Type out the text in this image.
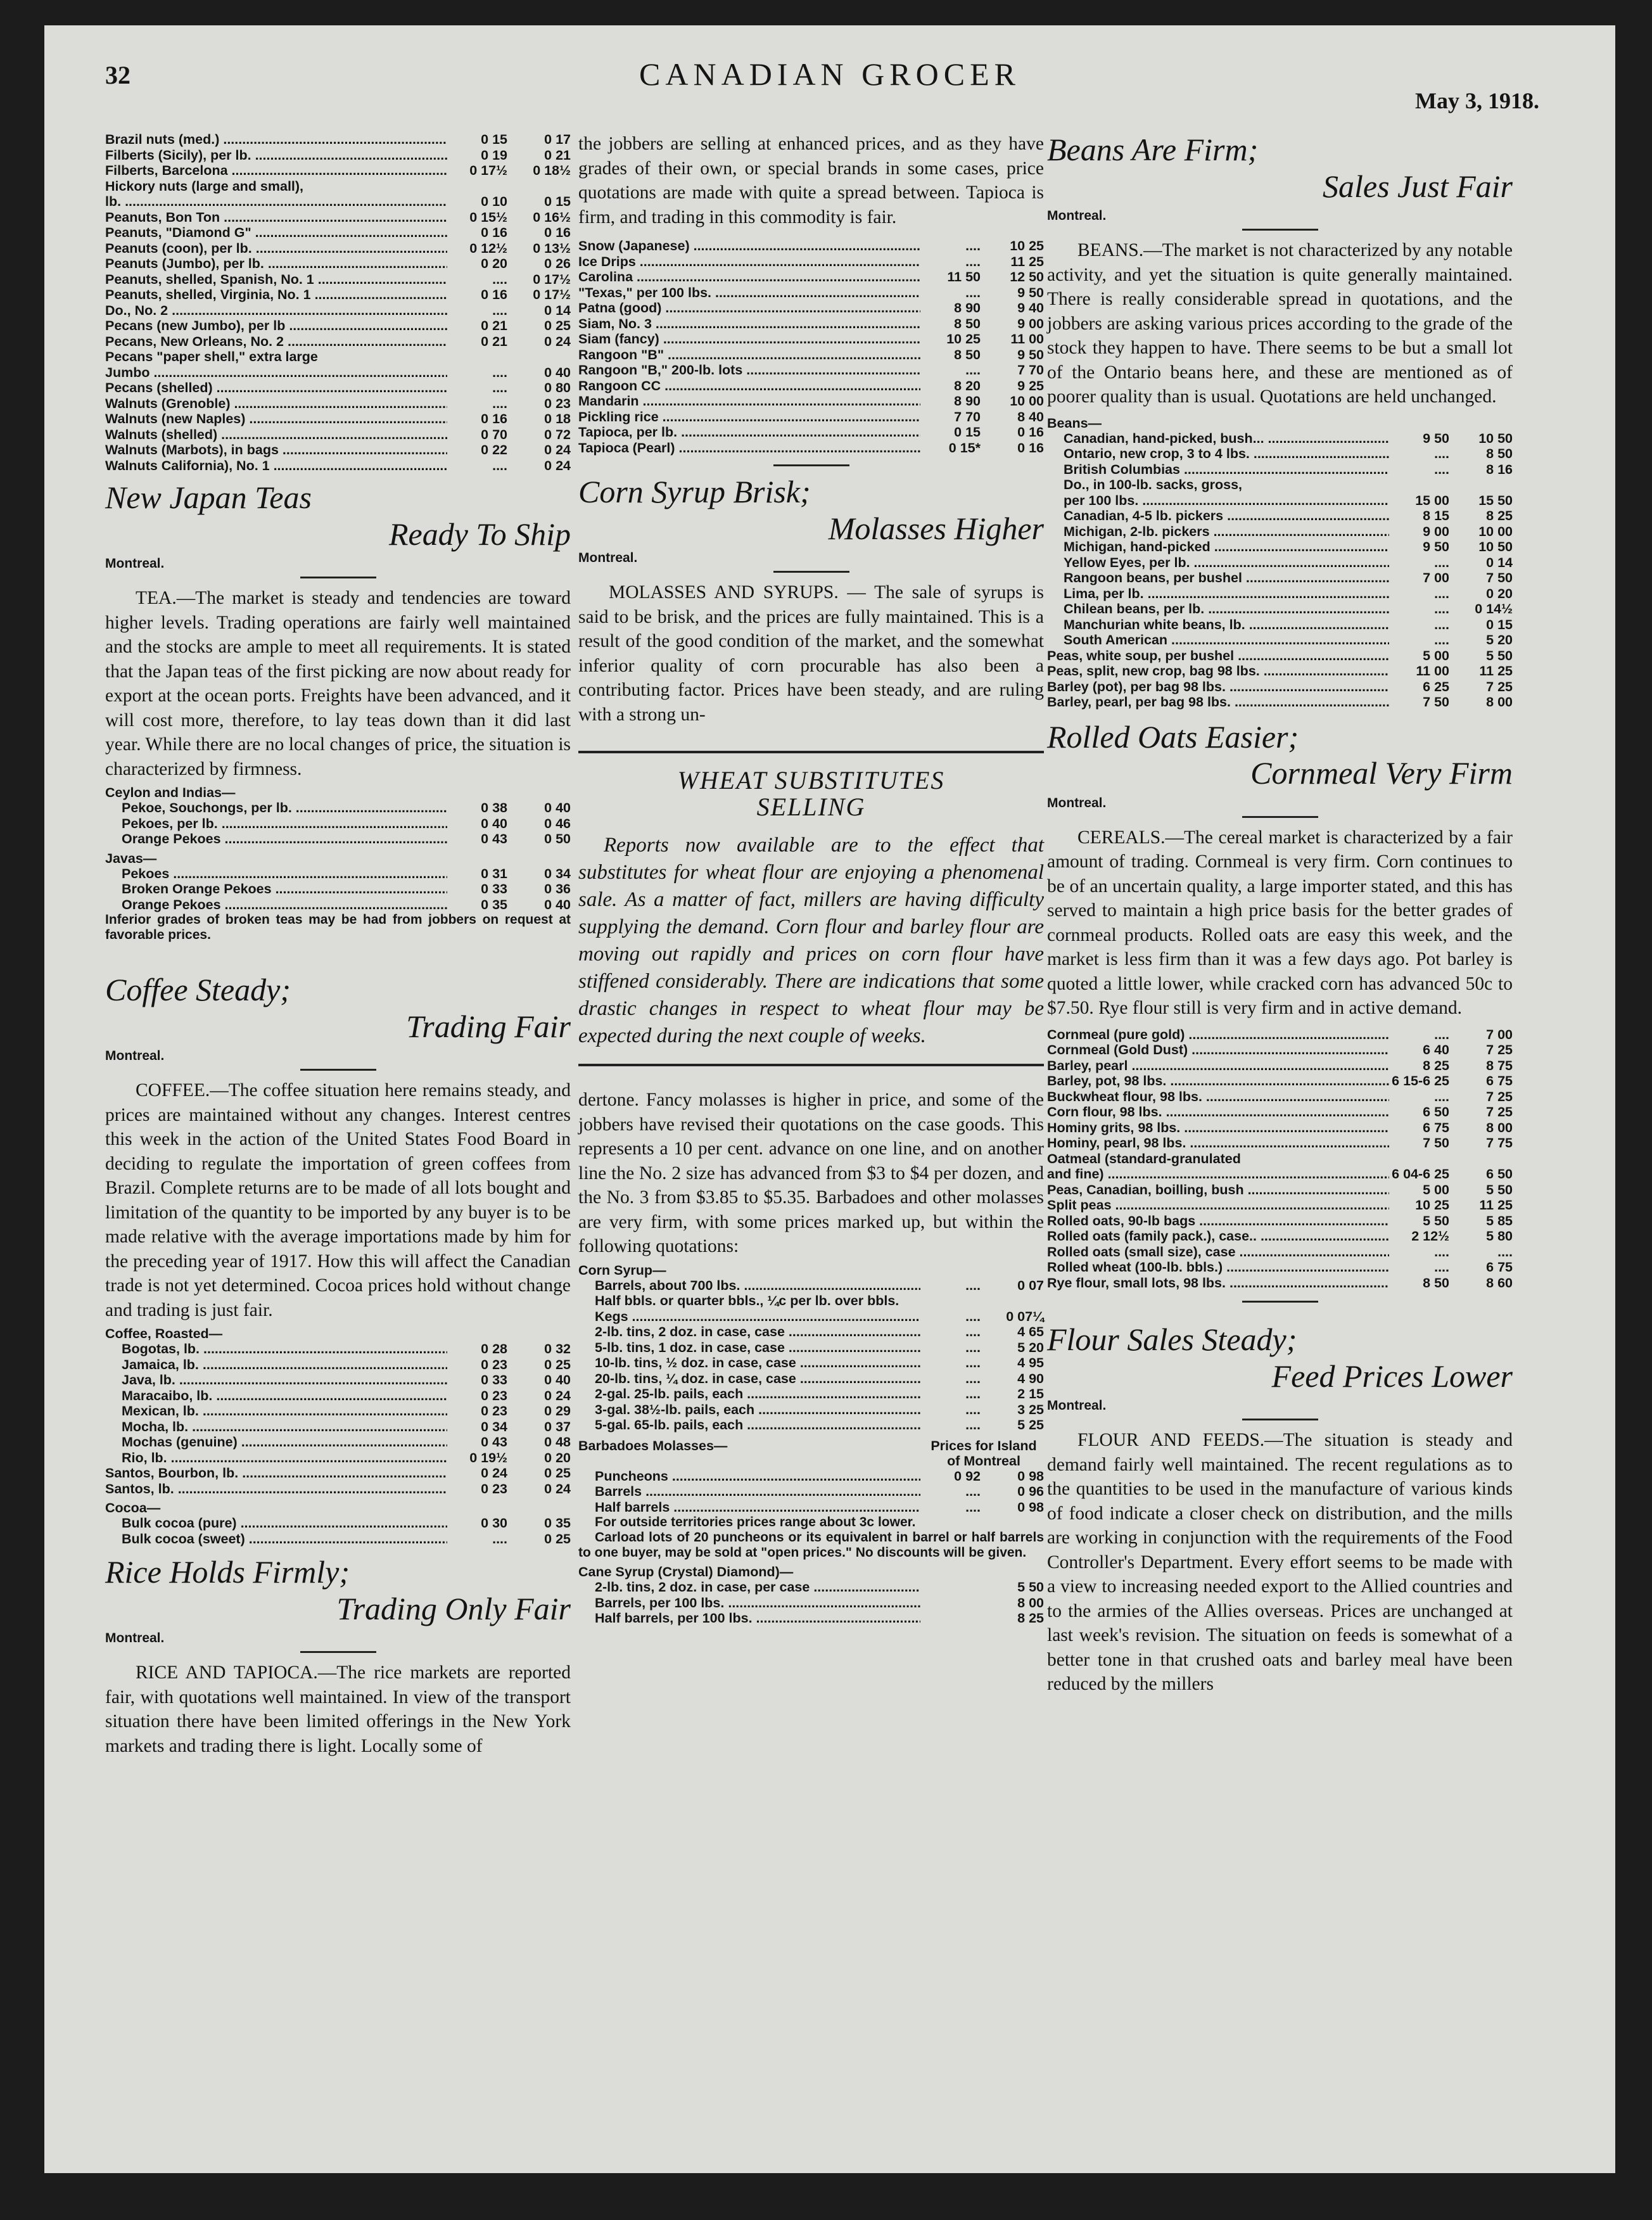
32	CANADIAN GROCER
May 3, 1918.
Brazil nuts (med.) .....	0 15	0 17
Filberts (Sicily), per lb. .....	0 19	0 21
Filberts, Barcelona .....	0 17½	0 18½
Hickory nuts (large and small),
lb. .....	0 10	0 15
Peanuts, Bon Ton .....	0 15½	0 16½
Peanuts, "Diamond G" .....	0 16	0 16
Peanuts (coon), per lb. .....	0 12½	0 13½
Peanuts (Jumbo), per lb. .....	0 20	0 26
Peanuts, shelled, Spanish, No. 1 .....	....	0 17½
Peanuts, shelled, Virginia, No. 1 .....	0 16	0 17½
Do., No. 2 .....	....	0 14
Pecans (new Jumbo), per lb .....	0 21	0 25
Pecans, New Orleans, No. 2 .....	0 21	0 24
Pecans "paper shell," extra large
Jumbo .....	....	0 40
Pecans (shelled) .....	....	0 80
Walnuts (Grenoble) .....	....	0 23
Walnuts (new Naples) .....	0 16	0 18
Walnuts (shelled) .....	0 70	0 72
Walnuts (Marbots), in bags .....	0 22	0 24
Walnuts California), No. 1 .....	....	0 24
New Japan Teas
Ready To Ship
Montreal.

TEA.—The market is steady and tendencies are toward higher levels. Trading operations are fairly well maintained and the stocks are ample to meet all requirements. It is stated that the Japan teas of the first picking are now about ready for export at the ocean ports. Freights have been advanced, and it will cost more, therefore, to lay teas down than it did last year. While there are no local changes of price, the situation is characterized by firmness.

Ceylon and Indias—
Pekoe, Souchongs, per lb. .....	0 38	0 40
Pekoes, per lb. .....	0 40	0 46
Orange Pekoes .....	0 43	0 50
Javas—
Pekoes .....	0 31	0 34
Broken Orange Pekoes .....	0 33	0 36
Orange Pekoes .....	0 35	0 40

Inferior grades of broken teas may be had from jobbers on request at favorable prices.

Coffee Steady;
Trading Fair
Montreal.

COFFEE.—The coffee situation here remains steady, and prices are maintained without any changes. Interest centres this week in the action of the United States Food Board in deciding to regulate the importation of green coffees from Brazil. Complete returns are to be made of all lots bought and limitation of the quantity to be imported by any buyer is to be made relative with the average importations made by him for the preceding year of 1917. How this will affect the Canadian trade is not yet determined. Cocoa prices hold without change and trading is just fair.

Coffee, Roasted—
Bogotas, lb. .....	0 28	0 32
Jamaica, lb. .....	0 23	0 25
Java, lb. .....	0 33	0 40
Maracaibo, lb. .....	0 23	0 24
Mexican, lb. .....	0 23	0 29
Mocha, lb. .....	0 34	0 37
Mochas (genuine) .....	0 43	0 48
Rio, lb. .....	0 19½	0 20
Santos, Bourbon, lb. .....	0 24	0 25
Santos, lb. .....	0 23	0 24
Cocoa—
Bulk cocoa (pure) .....	0 30	0 35
Bulk cocoa (sweet) .....	....	0 25
Rice Holds Firmly;
Trading Only Fair
Montreal.

RICE AND TAPIOCA.—The rice markets are reported fair, with quotations well maintained. In view of the transport situation there have been limited offerings in the New York markets and trading there is light. Locally some of

the jobbers are selling at enhanced prices, and as they have grades of their own, or special brands in some cases, price quotations are made with quite a spread between. Tapioca is firm, and trading in this commodity is fair.

Snow (Japanese) .....	....	10 25
Ice Drips .....	....	11 25
Carolina .....	11 50	12 50
"Texas," per 100 lbs. .....	....	9 50
Patna (good) .....	8 90	9 40
Siam, No. 3 .....	8 50	9 00
Siam (fancy) .....	10 25	11 00
Rangoon "B" .....	8 50	9 50
Rangoon "B," 200-lb. lots .....	....	7 70
Rangoon CC .....	8 20	9 25
Mandarin .....	8 90	10 00
Pickling rice .....	7 70	8 40
Tapioca, per lb. .....	0 15	0 16
Tapioca (Pearl) .....	0 15*	0 16
Corn Syrup Brisk;
Molasses Higher
Montreal.

MOLASSES AND SYRUPS. — The sale of syrups is said to be brisk, and the prices are fully maintained. This is a result of the good condition of the market, and the somewhat inferior quality of corn procurable has also been a contributing factor. Prices have been steady, and are ruling with a strong un-

WHEAT SUBSTITUTES
SELLING

Reports now available are to the effect that substitutes for wheat flour are enjoying a phenomenal sale. As a matter of fact, millers are having difficulty supplying the demand. Corn flour and barley flour are moving out rapidly and prices on corn flour have stiffened considerably. There are indications that some drastic changes in respect to wheat flour may be expected during the next couple of weeks.

dertone. Fancy molasses is higher in price, and some of the jobbers have revised their quotations on the case goods. This represents a 10 per cent. advance on one line, and on another line the No. 2 size has advanced from $3 to $4 per dozen, and the No. 3 from $3.85 to $5.35. Barbadoes and other molasses are very firm, with some prices marked up, but within the following quotations:

Corn Syrup—
Barrels, about 700 lbs. .....	....	0 07
Half bbls. or quarter bbls., ¼c per lb. over bbls.
Kegs .....	....	0 07¼
2-lb. tins, 2 doz. in case, case .....	....	4 65
5-lb. tins, 1 doz. in case, case .....	....	5 20
10-lb. tins, ½ doz. in case, case .....	....	4 95
20-lb. tins, ¼ doz. in case, case .....	....	4 90
2-gal. 25-lb. pails, each .....	....	2 15
3-gal. 38½-lb. pails, each .....	....	3 25
5-gal. 65-lb. pails, each .....	....	5 25
Barbadoes Molasses—	Prices for Island of Montreal
Puncheons .....	0 92	0 98
Barrels .....	....	0 96
Half barrels .....	....	0 98

For outside territories prices range about 3c lower.

Carload lots of 20 puncheons or its equivalent in barrel or half barrels to one buyer, may be sold at "open prices." No discounts will be given.

Cane Syrup (Crystal) Diamond)—
2-lb. tins, 2 doz. in case, per case .....	5 50
Barrels, per 100 lbs. .....	8 00
Half barrels, per 100 lbs. .....	8 25
Beans Are Firm;
Sales Just Fair
Montreal.

BEANS.—The market is not characterized by any notable activity, and yet the situation is quite generally maintained. There is really considerable spread in quotations, and the jobbers are asking various prices according to the grade of the stock they happen to have. There seems to be but a small lot of the Ontario beans here, and these are mentioned as of poorer quality than is usual. Quotations are held unchanged.

Beans—
Canadian, hand-picked, bush... .....	9 50	10 50
Ontario, new crop, 3 to 4 lbs. .....	....	8 50
British Columbias .....	....	8 16
Do., in 100-lb. sacks, gross,
per 100 lbs. .....	15 00	15 50
Canadian, 4-5 lb. pickers .....	8 15	8 25
Michigan, 2-lb. pickers .....	9 00	10 00
Michigan, hand-picked .....	9 50	10 50
Yellow Eyes, per lb. .....	....	0 14
Rangoon beans, per bushel .....	7 00	7 50
Lima, per lb. .....	....	0 20
Chilean beans, per lb. .....	....	0 14½
Manchurian white beans, lb. .....	....	0 15
South American .....	....	5 20
Peas, white soup, per bushel .....	5 00	5 50
Peas, split, new crop, bag 98 lbs. .....	11 00	11 25
Barley (pot), per bag 98 lbs. .....	6 25	7 25
Barley, pearl, per bag 98 lbs. .....	7 50	8 00
Rolled Oats Easier;
Cornmeal Very Firm
Montreal.

CEREALS.—The cereal market is characterized by a fair amount of trading. Cornmeal is very firm. Corn continues to be of an uncertain quality, a large importer stated, and this has served to maintain a high price basis for the better grades of cornmeal products. Rolled oats are easy this week, and the market is less firm than it was a few days ago. Pot barley is quoted a little lower, while cracked corn has advanced 50c to $7.50. Rye flour still is very firm and in active demand.

Cornmeal (pure gold) .....	....	7 00
Cornmeal (Gold Dust) .....	6 40	7 25
Barley, pearl .....	8 25	8 75
Barley, pot, 98 lbs. .....	6 15-6 25	6 75
Buckwheat flour, 98 lbs. .....	....	7 25
Corn flour, 98 lbs. .....	6 50	7 25
Hominy grits, 98 lbs. .....	6 75	8 00
Hominy, pearl, 98 lbs. .....	7 50	7 75
Oatmeal (standard-granulated
and fine) .....	6 04-6 25	6 50
Peas, Canadian, boilling, bush .....	5 00	5 50
Split peas .....	10 25	11 25
Rolled oats, 90-lb bags .....	5 50	5 85
Rolled oats (family pack.), case.. .....	2 12½	5 80
Rolled oats (small size), case .....	....	....
Rolled wheat (100-lb. bbls.) .....	....	6 75
Rye flour, small lots, 98 lbs. .....	8 50	8 60
Flour Sales Steady;
Feed Prices Lower
Montreal.

FLOUR AND FEEDS.—The situation is steady and demand fairly well maintained. The recent regulations as to the quantities to be used in the manufacture of various kinds of food indicate a closer check on distribution, and the mills are working in conjunction with the requirements of the Food Controller's Department. Every effort seems to be made with a view to increasing needed export to the Allied countries and to the armies of the Allies overseas. Prices are unchanged at last week's revision. The situation on feeds is somewhat of a better tone in that crushed oats and barley meal have been reduced by the millers
